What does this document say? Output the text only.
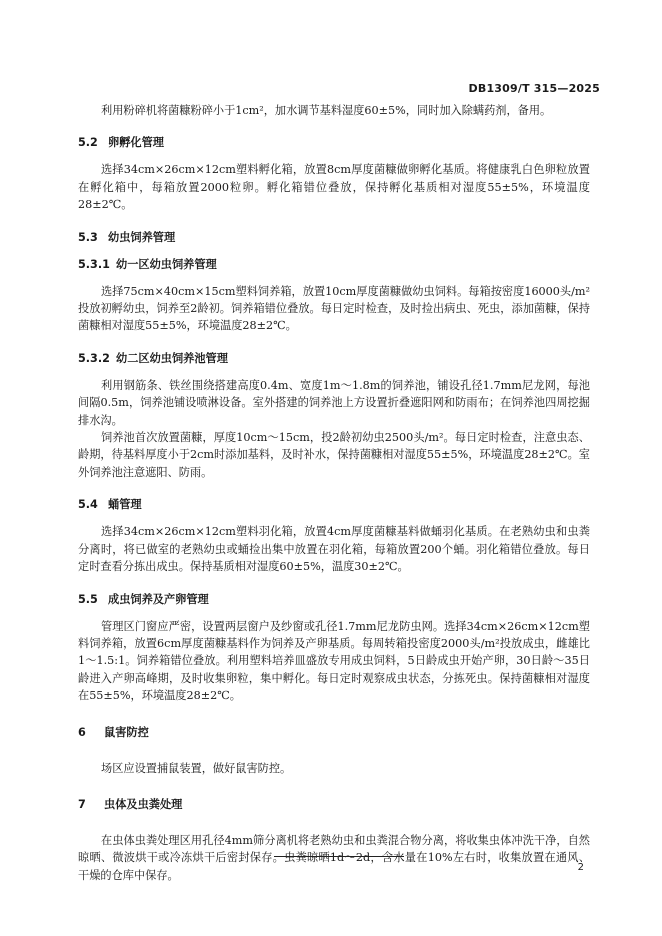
DB1309/T 315—2025

利用粉碎机将菌糠粉碎小于1cm²，加水调节基料湿度60±5%，同时加入除螨药剂，备用。

5.2 卵孵化管理

选择34cm×26cm×12cm塑料孵化箱，放置8cm厚度菌糠做卵孵化基质。将健康乳白色卵粒放置在孵化箱中，每箱放置2000粒卵。孵化箱错位叠放，保持孵化基质相对湿度55±5%，环境温度28±2℃。

5.3 幼虫饲养管理
5.3.1 幼一区幼虫饲养管理

选择75cm×40cm×15cm塑料饲养箱，放置10cm厚度菌糠做幼虫饲料。每箱按密度16000头/m²投放初孵幼虫，饲养至2龄初。饲养箱错位叠放。每日定时检查，及时捡出病虫、死虫，添加菌糠，保持菌糠相对湿度55±5%，环境温度28±2℃。

5.3.2 幼二区幼虫饲养池管理

利用钢筋条、铁丝围绕搭建高度0.4m、宽度1m～1.8m的饲养池，铺设孔径1.7mm尼龙网，每池间隔0.5m，饲养池铺设喷淋设备。室外搭建的饲养池上方设置折叠遮阳网和防雨布；在饲养池四周挖掘排水沟。

饲养池首次放置菌糠，厚度10cm～15cm，投2龄初幼虫2500头/m²。每日定时检查，注意虫态、龄期，待基料厚度小于2cm时添加基料，及时补水，保持菌糠相对湿度55±5%，环境温度28±2℃。室外饲养池注意遮阳、防雨。

5.4 蛹管理

选择34cm×26cm×12cm塑料羽化箱，放置4cm厚度菌糠基料做蛹羽化基质。在老熟幼虫和虫粪分离时，将已做室的老熟幼虫或蛹捡出集中放置在羽化箱，每箱放置200个蛹。羽化箱错位叠放。每日定时查看分拣出成虫。保持基质相对湿度60±5%，温度30±2℃。

5.5 成虫饲养及产卵管理

管理区门窗应严密，设置两层窗户及纱窗或孔径1.7mm尼龙防虫网。选择34cm×26cm×12cm塑料饲养箱，放置6cm厚度菌糠基料作为饲养及产卵基质。每周转箱投密度2000头/m²投放成虫，雌雄比1～1.5:1。饲养箱错位叠放。利用塑料培养皿盛放专用成虫饲料，5日龄成虫开始产卵，30日龄～35日龄进入产卵高峰期，及时收集卵粒，集中孵化。每日定时观察成虫状态，分拣死虫。保持菌糠相对湿度在55±5%，环境温度28±2℃。

6 鼠害防控

场区应设置捕鼠装置，做好鼠害防控。

7 虫体及虫粪处理

在虫体虫粪处理区用孔径4mm筛分离机将老熟幼虫和虫粪混合物分离，将收集虫体冲洗干净，自然晾晒、微波烘干或冷冻烘干后密封保存。虫粪晾晒1d～2d，含水量在10%左右时，收集放置在通风、干燥的仓库中保存。

2
